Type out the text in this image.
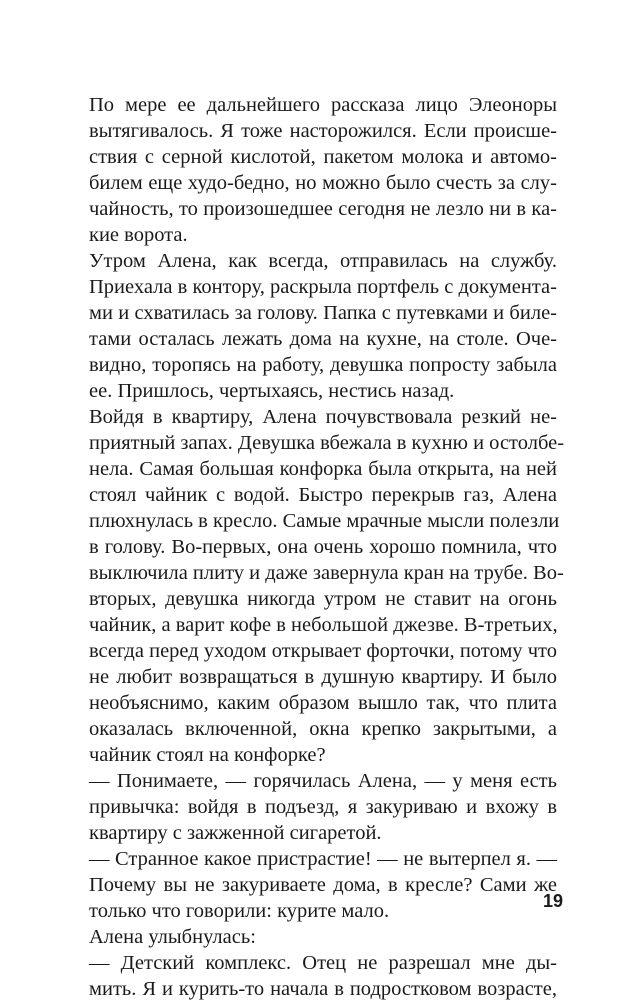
По мере ее дальнейшего рассказа лицо Элеоноры
вытягивалось. Я тоже насторожился. Если происше-
ствия с серной кислотой, пакетом молока и автомо-
билем еще худо-бедно, но можно было счесть за слу-
чайность, то произошедшее сегодня не лезло ни в ка-
кие ворота.
Утром Алена, как всегда, отправилась на службу.
Приехала в контору, раскрыла портфель с документа-
ми и схватилась за голову. Папка с путевками и биле-
тами осталась лежать дома на кухне, на столе. Оче-
видно, торопясь на работу, девушка попросту забыла
ее. Пришлось, чертыхаясь, нестись назад.
Войдя в квартиру, Алена почувствовала резкий не-
приятный запах. Девушка вбежала в кухню и остолбе-
нела. Самая большая конфорка была открыта, на ней
стоял чайник с водой. Быстро перекрыв газ, Алена
плюхнулась в кресло. Самые мрачные мысли полезли
в голову. Во-первых, она очень хорошо помнила, что
выключила плиту и даже завернула кран на трубе. Во-
вторых, девушка никогда утром не ставит на огонь
чайник, а варит кофе в небольшой джезве. В-третьих,
всегда перед уходом открывает форточки, потому что
не любит возвращаться в душную квартиру. И было
необъяснимо, каким образом вышло так, что плита
оказалась включенной, окна крепко закрытыми, а
чайник стоял на конфорке?
— Понимаете, — горячилась Алена, — у меня есть
привычка: войдя в подъезд, я закуриваю и вхожу в
квартиру с зажженной сигаретой.
— Странное какое пристрастие! — не вытерпел я. —
Почему вы не закуриваете дома, в кресле? Сами же
только что говорили: курите мало.
Алена улыбнулась:
— Детский комплекс. Отец не разрешал мне ды-
мить. Я и курить-то начала в подростковом возрасте,
19
